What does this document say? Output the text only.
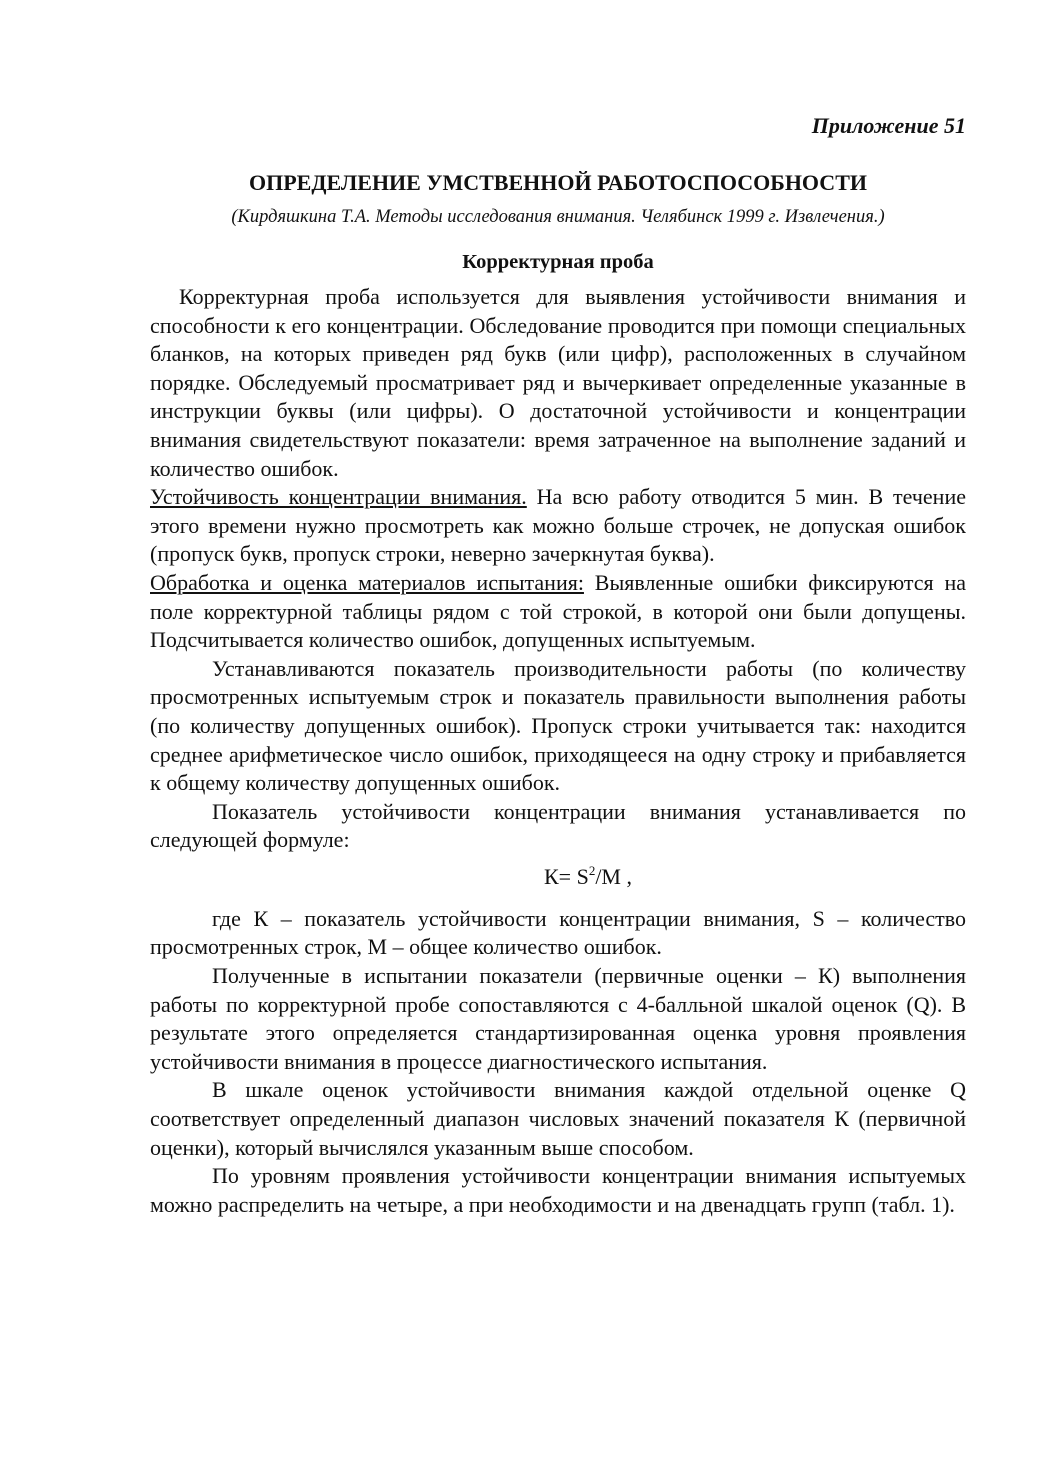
Приложение 51
ОПРЕДЕЛЕНИЕ УМСТВЕННОЙ РАБОТОСПОСОБНОСТИ
(Кирдяшкина Т.А. Методы исследования внимания. Челябинск 1999 г. Извлечения.)
Корректурная проба

Корректурная проба используется для выявления устойчивости внимания и способности к его концентрации. Обследование проводится при помощи специальных бланков, на которых приведен ряд букв (или цифр), расположенных в случайном порядке. Обследуемый просматривает ряд и вычеркивает определенные указанные в инструкции буквы (или цифры). О достаточной устойчивости и концентрации внимания свидетельствуют показатели: время затраченное на выполнение заданий и количество ошибок.

Устойчивость концентрации внимания. На всю работу отводится 5 мин. В течение этого времени нужно просмотреть как можно больше строчек, не допуская ошибок (пропуск букв, пропуск строки, неверно зачеркнутая буква).

Обработка и оценка материалов испытания: Выявленные ошибки фиксируются на поле корректурной таблицы рядом с той строкой, в которой они были допущены. Подсчитывается количество ошибок, допущенных испытуемым.

Устанавливаются показатель производительности работы (по количеству просмотренных испытуемым строк и показатель правильности выполнения работы (по количеству допущенных ошибок). Пропуск строки учитывается так: находится среднее арифметическое число ошибок, приходящееся на одну строку и прибавляется к общему количеству допущенных ошибок.

Показатель устойчивости концентрации внимания устанавливается по следующей формуле:

$К= S^2/М$ ,

где К – показатель устойчивости концентрации внимания, S – количество просмотренных строк, М – общее количество ошибок.

Полученные в испытании показатели (первичные оценки – К) выполнения работы по корректурной пробе сопоставляются с 4-балльной шкалой оценок (Q). В результате этого определяется стандартизированная оценка уровня проявления устойчивости внимания в процессе диагностического испытания.

В шкале оценок устойчивости внимания каждой отдельной оценке Q соответствует определенный диапазон числовых значений показателя К (первичной оценки), который вычислялся указанным выше способом.

По уровням проявления устойчивости концентрации внимания испытуемых можно распределить на четыре, а при необходимости и на двенадцать групп (табл. 1).
